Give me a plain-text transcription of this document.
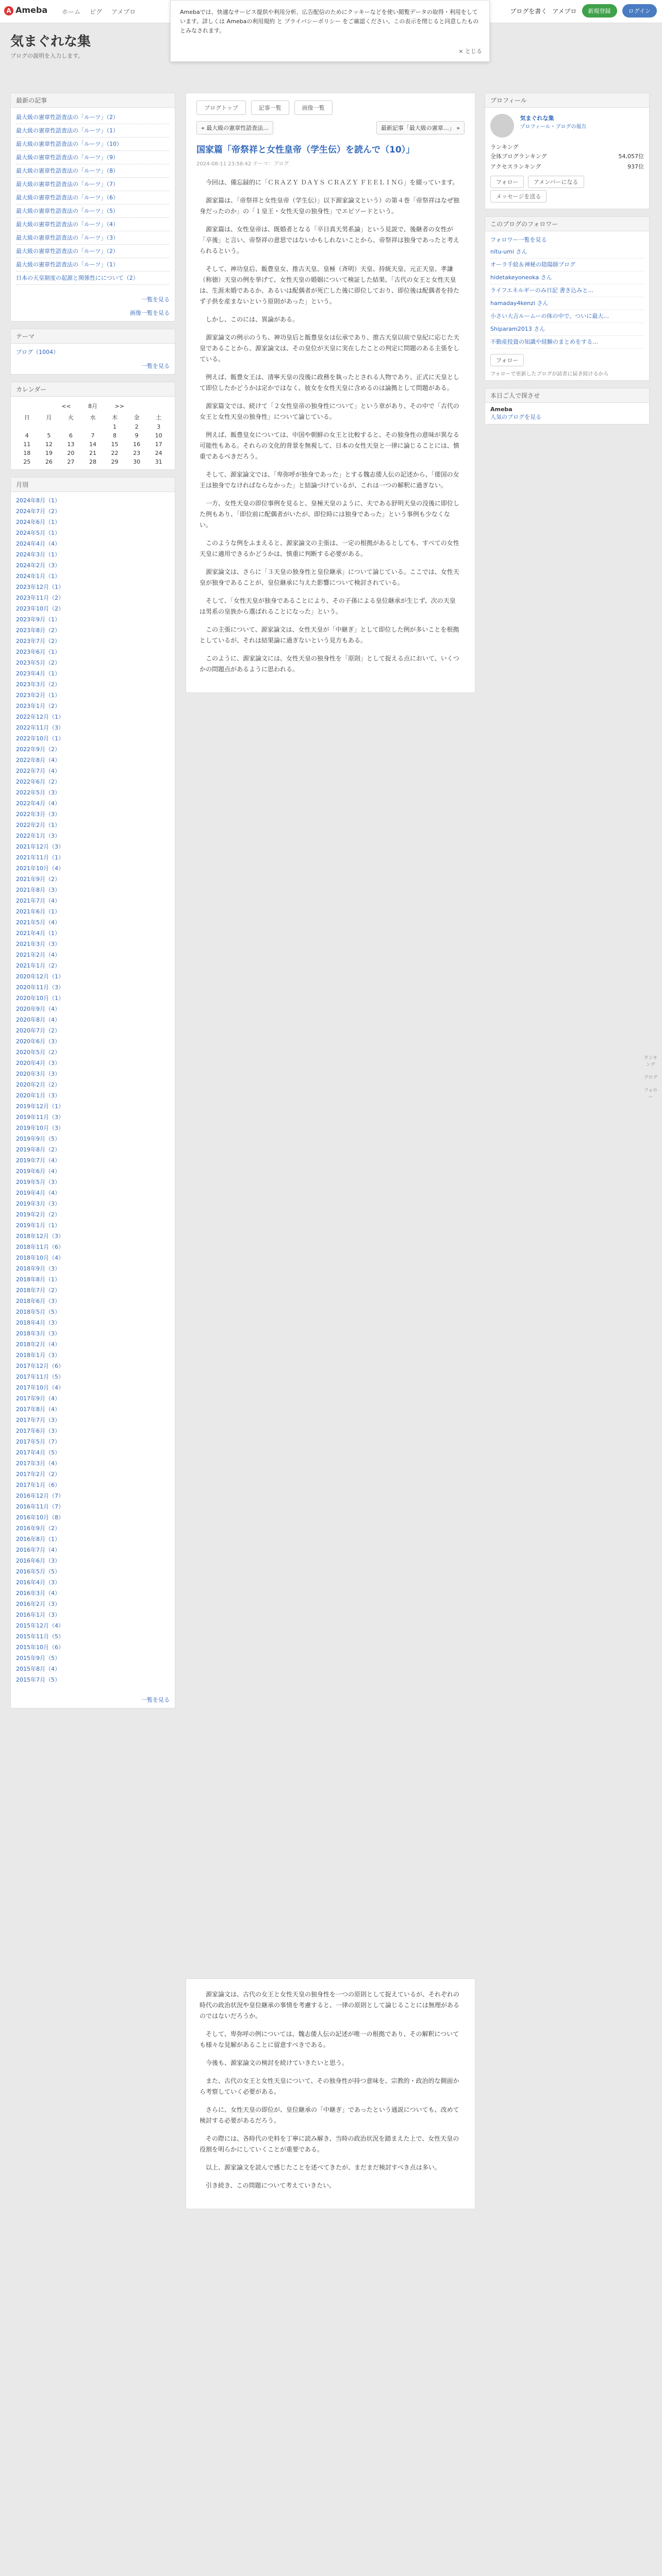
A Ameba ホーム ピグ アメブロ	ブログを書く アメブロ	新規登録	ログイン
Amebaでは、快適なサービス提供や利用分析、広告配信のためにクッキーなどを使い閲覧データの取得・利用をしています。詳しくは Amebaの利用規約 と プライバシーポリシー をご確認ください。この表示を閉じると同意したものとみなされます。
× とじる
気まぐれな集
ブログの説明を入力します。
最新の記事
最大級の憲章性語査法の「ルーツ」（2）
最大級の憲章性語査法の「ルーツ」（1）
最大級の憲章性語査法の「ルーツ」（10）
最大級の憲章性語査法の「ルーツ」（9）
最大級の憲章性語査法の「ルーツ」（8）
最大級の憲章性語査法の「ルーツ」（7）
最大級の憲章性語査法の「ルーツ」（6）
最大級の憲章性語査法の「ルーツ」（5）
最大級の憲章性語査法の「ルーツ」（4）
最大級の憲章性語査法の「ルーツ」（3）
最大級の憲章性語査法の「ルーツ」（2）
最大級の憲章性語査法の「ルーツ」（1）
日本の天皇制度の起源と関係性にについて（2）
一覧を見る
画像一覧を見る
テーマ
ブログ（1004）
一覧を見る
カレンダー
<<	8月	>>
日	月	火	水	木	金	土
				1	2	3
4	5	6	7	8	9	10
11	12	13	14	15	16	17
18	19	20	21	22	23	24
25	26	27	28	29	30	31
月別
2024年8月（1）
2024年7月（2）
2024年6月（1）
2024年5月（1）
2024年4月（4）
2024年3月（1）
2024年2月（3）
2024年1月（1）
2023年12月（1）
2023年11月（2）
2023年10月（2）
2023年9月（1）
2023年8月（2）
2023年7月（2）
2023年6月（1）
2023年5月（2）
2023年4月（1）
2023年3月（2）
2023年2月（1）
2023年1月（2）
2022年12月（1）
2022年11月（3）
2022年10月（1）
2022年9月（2）
2022年8月（4）
2022年7月（4）
2022年6月（2）
2022年5月（3）
2022年4月（4）
2022年3月（3）
2022年2月（1）
2022年1月（3）
2021年12月（3）
2021年11月（1）
2021年10月（4）
2021年9月（2）
2021年8月（3）
2021年7月（4）
2021年6月（1）
2021年5月（4）
2021年4月（1）
2021年3月（3）
2021年2月（4）
2021年1月（2）
2020年12月（1）
2020年11月（3）
2020年10月（1）
2020年9月（4）
2020年8月（4）
2020年7月（2）
2020年6月（3）
2020年5月（2）
2020年4月（3）
2020年3月（3）
2020年2月（2）
2020年1月（3）
2019年12月（1）
2019年11月（3）
2019年10月（3）
2019年9月（5）
2019年8月（2）
2019年7月（4）
2019年6月（4）
2019年5月（3）
2019年4月（4）
2019年3月（3）
2019年2月（2）
2019年1月（1）
2018年12月（3）
2018年11月（6）
2018年10月（4）
2018年9月（3）
2018年8月（1）
2018年7月（2）
2018年6月（3）
2018年5月（5）
2018年4月（3）
2018年3月（3）
2018年2月（4）
2018年1月（3）
2017年12月（6）
2017年11月（5）
2017年10月（4）
2017年9月（4）
2017年8月（4）
2017年7月（3）
2017年6月（3）
2017年5月（7）
2017年4月（5）
2017年3月（4）
2017年2月（2）
2017年1月（6）
2016年12月（7）
2016年11月（7）
2016年10月（8）
2016年9月（2）
2016年8月（1）
2016年7月（4）
2016年6月（3）
2016年5月（5）
2016年4月（3）
2016年3月（4）
2016年2月（3）
2016年1月（3）
2015年12月（4）
2015年11月（5）
2015年10月（6）
2015年9月（5）
2015年8月（4）
2015年7月（5）
一覧を見る
ブログトップ	記事一覧	画像一覧
« 最大級の憲章性語査法…	最新記事「最大級の憲章…」 »
国家篇「帝祭祥と女性皇帝（学生伝）を読んで（10）」
2024-08-11 23:58:42 テーマ：ブログ

今回は、備忘録的に「ＣＲＡＺＹ ＤＡＹＳ ＣＲＡＺＹ ＦＥＥＬＩＮＧ」を綴っています。

源家篇は、「帝祭祥と女性皇帝（学生伝）」以下源家論文という）の第４巻「帝祭祥はなぜ独身だったのか」の「１皇王・女性天皇の独身性」でエピソードという。

源家篇は、女性皇帝は、既婚者となる「卒日真天男系論」という見説で、後継者の女性が「卒後」と言い、帝祭祥の意思ではないかもしれないことから、帝祭祥は独身であったと考えられるという。

そして、神功皇后、飯豊皇女、推古天皇、皇極（斉明）天皇、持統天皇、元正天皇、孝謙（称徳）天皇の例を挙げて、女性天皇の婚姻について検証した結果、「古代の女王と女性天皇は、生涯未婚であるか、あるいは配偶者が死亡した後に即位しており、即位後は配偶者を持たず子供を産まないという原則があった」という。

しかし、このには、異論がある。

源家論文の例示のうち、神功皇后と飯豊皇女は伝承であり、推古天皇以前で皇紀に応じた天皇であることから、源家論文は、その皇位が天皇に実在したことの判定に問題のある主張をしている。

例えば、飯豊女王は、清寧天皇の没後に政務を執ったとされる人物であり、正式に天皇として即位したかどうかは定かではなく、彼女を女性天皇に含めるのは論拠として問題がある。

源家篇文では、続けて「２女性皇帝の独身性について」という章があり、その中で「古代の女王と女性天皇の独身性」について論じている。

例えば、飯豊皇女については、中国や朝鮮の女王と比較すると、その独身性の意味が異なる可能性もある。それらの文化的背景を無視して、日本の女性天皇と一律に論じることには、慎重であるべきだろう。

そして、源家論文では、「卑弥呼が独身であった」とする魏志倭人伝の記述から、「倭国の女王は独身でなければならなかった」と結論づけているが、これは一つの解釈に過ぎない。

一方、女性天皇の即位事例を見ると、皇極天皇のように、夫である舒明天皇の没後に即位した例もあり、「即位前に配偶者がいたが、即位時には独身であった」という事例も少なくない。

このような例をふまえると、源家論文の主張は、一定の根拠があるとしても、すべての女性天皇に適用できるかどうかは、慎重に判断する必要がある。

源家論文は、さらに「３天皇の独身性と皇位継承」について論じている。ここでは、女性天皇が独身であることが、皇位継承に与えた影響について検討されている。

そして、「女性天皇が独身であることにより、その子孫による皇位継承が生じず、次の天皇は男系の皇族から選ばれることになった」という。

この主張について、源家論文は、女性天皇が「中継ぎ」として即位した例が多いことを根拠としているが、それは結果論に過ぎないという見方もある。

このように、源家論文には、女性天皇の独身性を「原則」として捉える点において、いくつかの問題点があるように思われる。

源家論文は、古代の女王と女性天皇の独身性を一つの原則として捉えているが、それぞれの時代の政治状況や皇位継承の事情を考慮すると、一律の原則として論じることには無理があるのではないだろうか。

そして、卑弥呼の例については、魏志倭人伝の記述が唯一の根拠であり、その解釈についても様々な見解があることに留意すべきである。

今後も、源家論文の検討を続けていきたいと思う。

また、古代の女王と女性天皇について、その独身性が持つ意味を、宗教的・政治的な側面から考察していく必要がある。

さらに、女性天皇の即位が、皇位継承の「中継ぎ」であったという通説についても、改めて検討する必要があるだろう。

その際には、各時代の史料を丁寧に読み解き、当時の政治状況を踏まえた上で、女性天皇の役割を明らかにしていくことが重要である。

以上、源家論文を読んで感じたことを述べてきたが、まだまだ検討すべき点は多い。

引き続き、この問題について考えていきたい。

プロフィール

気まぐれな集
プロフィール・ブログの報告
ランキング
全体ブログランキング	54,057位
アクセスランキング	937位
フォロー	アメンバーになる メッセージを送る
このブログのフォロワー
フォロワー一覧を見る
nitu-umi さん
オーラ千絵＆神秘の陰陽師ブログ
hidetakeyoneoka さん
ライフエネルギーのみ日記 書き込みと…
hamaday4kenzi さん
小さい大吉ルームーの体の中で、ついに最大…
Shiparam2013 さん
不動産投資の知識や経験のまとめをする…
フォロー
フォローで更新したブログが読者に届き続けるから
本日ご人で探させ
Ameba
人気のブログを見る
ランキング
ブログ
フォロー
